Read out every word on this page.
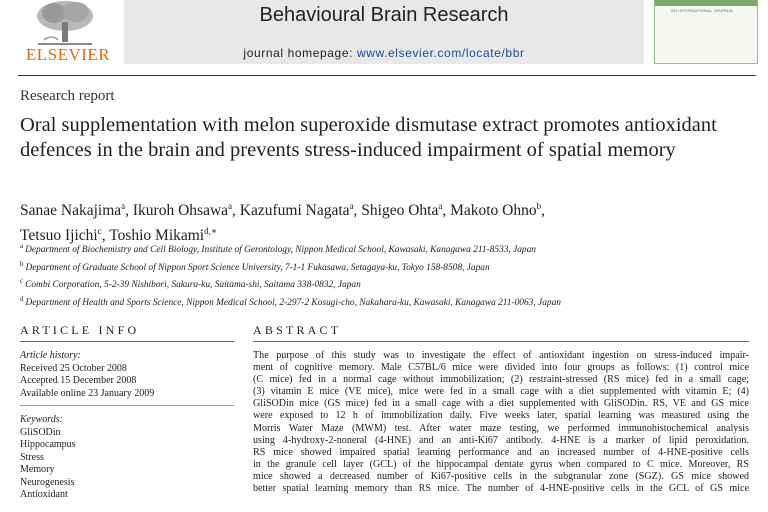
ELSEVIER
Behavioural Brain Research
journal homepage: www.elsevier.com/locate/bbr
AN INTERNATIONAL JOURNAL
Research report
Oral supplementation with melon superoxide dismutase extract promotes antioxidant defences in the brain and prevents stress-induced impairment of spatial memory
Sanae Nakajima$^a$, Ikuroh Ohsawa$^a$, Kazufumi Nagata$^a$, Shigeo Ohta$^a$, Makoto Ohno$^b$,
Tetsuo Ijichi$^c$, Toshio Mikami$^{d,∗}$
$^a$ Department of Biochemistry and Cell Biology, Institute of Gerontology, Nippon Medical School, Kawasaki, Kanagawa 211-8533, Japan
$^b$ Department of Graduate School of Nippon Sport Science University, 7-1-1 Fukasawa, Setagaya-ku, Tokyo 158-8508, Japan
$^c$ Combi Corporation, 5-2-39 Nishibori, Sakura-ku, Saitama-shi, Saitama 338-0832, Japan
$^d$ Department of Health and Sports Science, Nippon Medical School, 2-297-2 Kosugi-cho, Nakahara-ku, Kawasaki, Kanagawa 211-0063, Japan
ARTICLE INFO
Article history:
Received 25 October 2008
Accepted 15 December 2008
Available online 23 January 2009
Keywords:
GliSODin
Hippocampus
Stress
Memory
Neurogenesis
Antioxidant
ABSTRACT
The purpose of this study was to investigate the effect of antioxidant ingestion on stress-induced impair-
ment of cognitive memory. Male C57BL/6 mice were divided into four groups as follows: (1) control mice
(C mice) fed in a normal cage without immobilization; (2) restraint-stressed (RS mice) fed in a small cage;
(3) vitamin E mice (VE mice), mice were fed in a small cage with a diet supplemented with vitamin E; (4)
GliSODin mice (GS mice) fed in a small cage with a diet supplemented with GliSODin. RS, VE and GS mice
were exposed to 12 h of immobilization daily. Five weeks later, spatial learning was measured using the
Morris Water Maze (MWM) test. After water maze testing, we performed immunohistochemical analysis
using 4-hydroxy-2-noneral (4-HNE) and an anti-Ki67 antibody. 4-HNE is a marker of lipid peroxidation.
RS mice showed impaired spatial learning performance and an increased number of 4-HNE-positive cells
in the granule cell layer (GCL) of the hippocampal dentate gyrus when compared to C mice. Moreover, RS
mice showed a decreased number of Ki67-positive cells in the subgranular zone (SGZ). GS mice showed
better spatial learning memory than RS mice. The number of 4-HNE-positive cells in the GCL of GS mice
